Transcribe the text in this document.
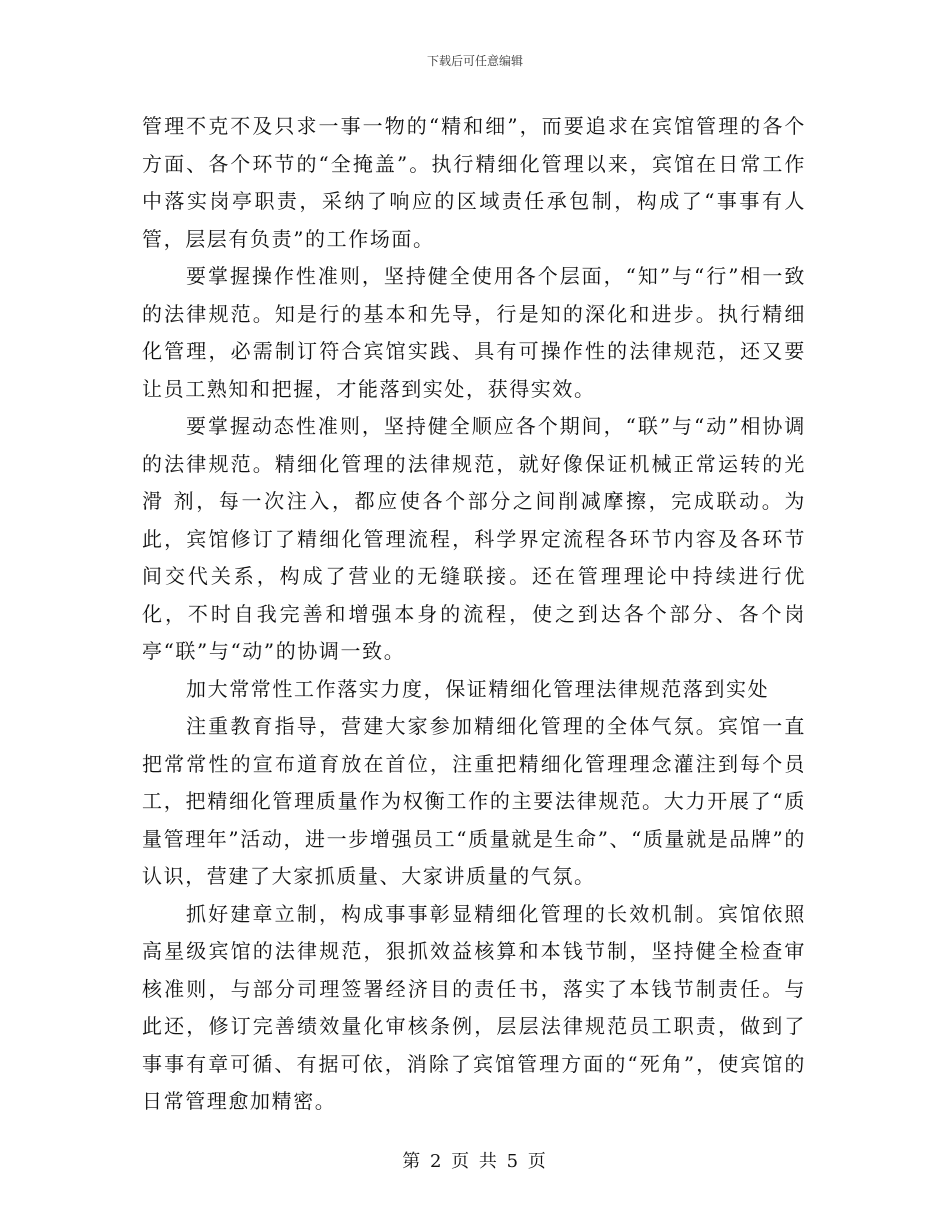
下载后可任意编辑

管理不克不及只求一事一物的“精和细”，而要追求在宾馆管理的各个方面、各个环节的“全掩盖”。执行精细化管理以来，宾馆在日常工作中落实岗亭职责，采纳了响应的区域责任承包制，构成了“事事有人管，层层有负责”的工作场面。

要掌握操作性准则，坚持健全使用各个层面，“知”与“行”相一致的法律规范。知是行的基本和先导，行是知的深化和进步。执行精细化管理，必需制订符合宾馆实践、具有可操作性的法律规范，还又要让员工熟知和把握，才能落到实处，获得实效。

要掌握动态性准则，坚持健全顺应各个期间，“联”与“动”相协调的法律规范。精细化管理的法律规范，就好像保证机械正常运转的光滑 剂，每一次注入，都应使各个部分之间削减摩擦，完成联动。为此，宾馆修订了精细化管理流程，科学界定流程各环节内容及各环节间交代关系，构成了营业的无缝联接。还在管理理论中持续进行优化，不时自我完善和增强本身的流程，使之到达各个部分、各个岗亭“联”与“动”的协调一致。

加大常常性工作落实力度，保证精细化管理法律规范落到实处

注重教育指导，营建大家参加精细化管理的全体气氛。宾馆一直把常常性的宣布道育放在首位，注重把精细化管理理念灌注到每个员工，把精细化管理质量作为权衡工作的主要法律规范。大力开展了“质量管理年”活动，进一步增强员工“质量就是生命”、“质量就是品牌”的认识，营建了大家抓质量、大家讲质量的气氛。

抓好建章立制，构成事事彰显精细化管理的长效机制。宾馆依照高星级宾馆的法律规范，狠抓效益核算和本钱节制，坚持健全检查审核准则，与部分司理签署经济目的责任书，落实了本钱节制责任。与此还，修订完善绩效量化审核条例，层层法律规范员工职责，做到了事事有章可循、有据可依，消除了宾馆管理方面的“死角”，使宾馆的日常管理愈加精密。

第 2 页 共 5 页
